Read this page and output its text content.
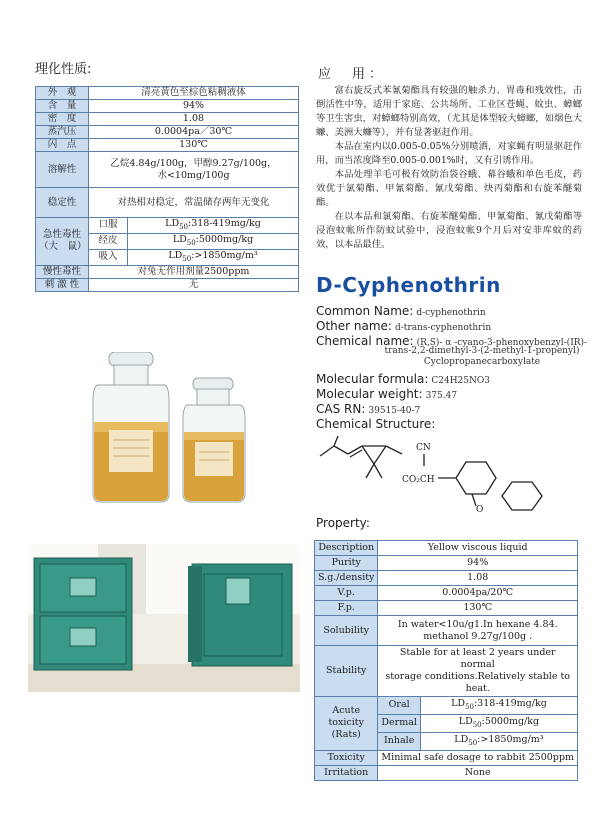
理化性质:
外　观	清亮黄色至棕色粘稠液体	
含　量	94%	
密　度	1.08	
蒸汽压	0.0004pa／30℃	
闪　点	130℃	
溶解性	乙烷4.84g/100g，甲醇9.27g/100g，
水<10mg/100g	

稳定性	对热相对稳定，常温储存两年无变化	

急性毒性
（大　鼠）	口服	$LD_{50}:318-419mg/kg$
	经皮	$LD_{50}:5000mg/kg$
	吸入	$LD_{50}:>1850mg/m^3$
慢性毒性	对兔无作用剂量2500ppm	
刺 激 性	无	
应　用：

富右旋反式苯氰菊酯具有较强的触杀力、胃毒和残效性，击倒活性中等，适用于家庭、公共场所、工业区苍蝇、蚊虫、蟑螂等卫生害虫，对蟑螂特别高效，（尤其是体型较大蟑螂，如烟色大蠊、美洲大蠊等），并有显著驱赶作用。

本品在室内以0.005-0.05%分别喷洒，对家蝇有明显驱赶作用，而当浓度降至0.005-0.001%时，又有引诱作用。

本品处理羊毛可极有效防治袋谷蛾、幕谷蛾和单色毛皮，药效优于氯菊酯、甲氰菊酯、氰戊菊酯、炔丙菊酯和右旋苯醚菊酯。

在以本品和氯菊酯、右旋苯醚菊酯、甲氰菊酯、氰戊菊酯等浸泡蚊帐所作防蚊试验中，浸泡蚊帐9个月后对安菲库蚊的药效，以本品最佳。

D-Cyphenothrin
Common Name: d-cyphenothrin
Other name: d-trans-cyphenothrin
Chemical name: (R,S)- α -cyano-3-phenoxybenzyl-(IR)-
trans-2,2-dimethyl-3-(2-methyl-1-propenyl)
Cyclopropanecarboxylate
Molecular formula: C24H25NO3
Molecular weight: 375.47
CAS RN: 39515-40-7
Chemical Structure:
CN
CO₂CH
O
Property:
Description	Yellow viscous liquid	
Purity	94%	
S.g./density	1.08	
V.p.	0.0004pa/20℃	
F.p.	130℃	
Solubility	In water<10u/g1.In hexane 4.84.
methanol 9.27g/100g .	

Stability	Stable for at least 2 years under normal
storage conditions.Relatively stable to heat.	

Acute
toxicity
(Rats)	Oral	$LD_{50}:318-419mg/kg$
	Dermal	$LD_{50}:5000mg/kg$
	Inhale	$LD_{50}:>1850mg/m^3$
Toxicity	Minimal safe dosage to rabbit 2500ppm	
Irritation	None	
